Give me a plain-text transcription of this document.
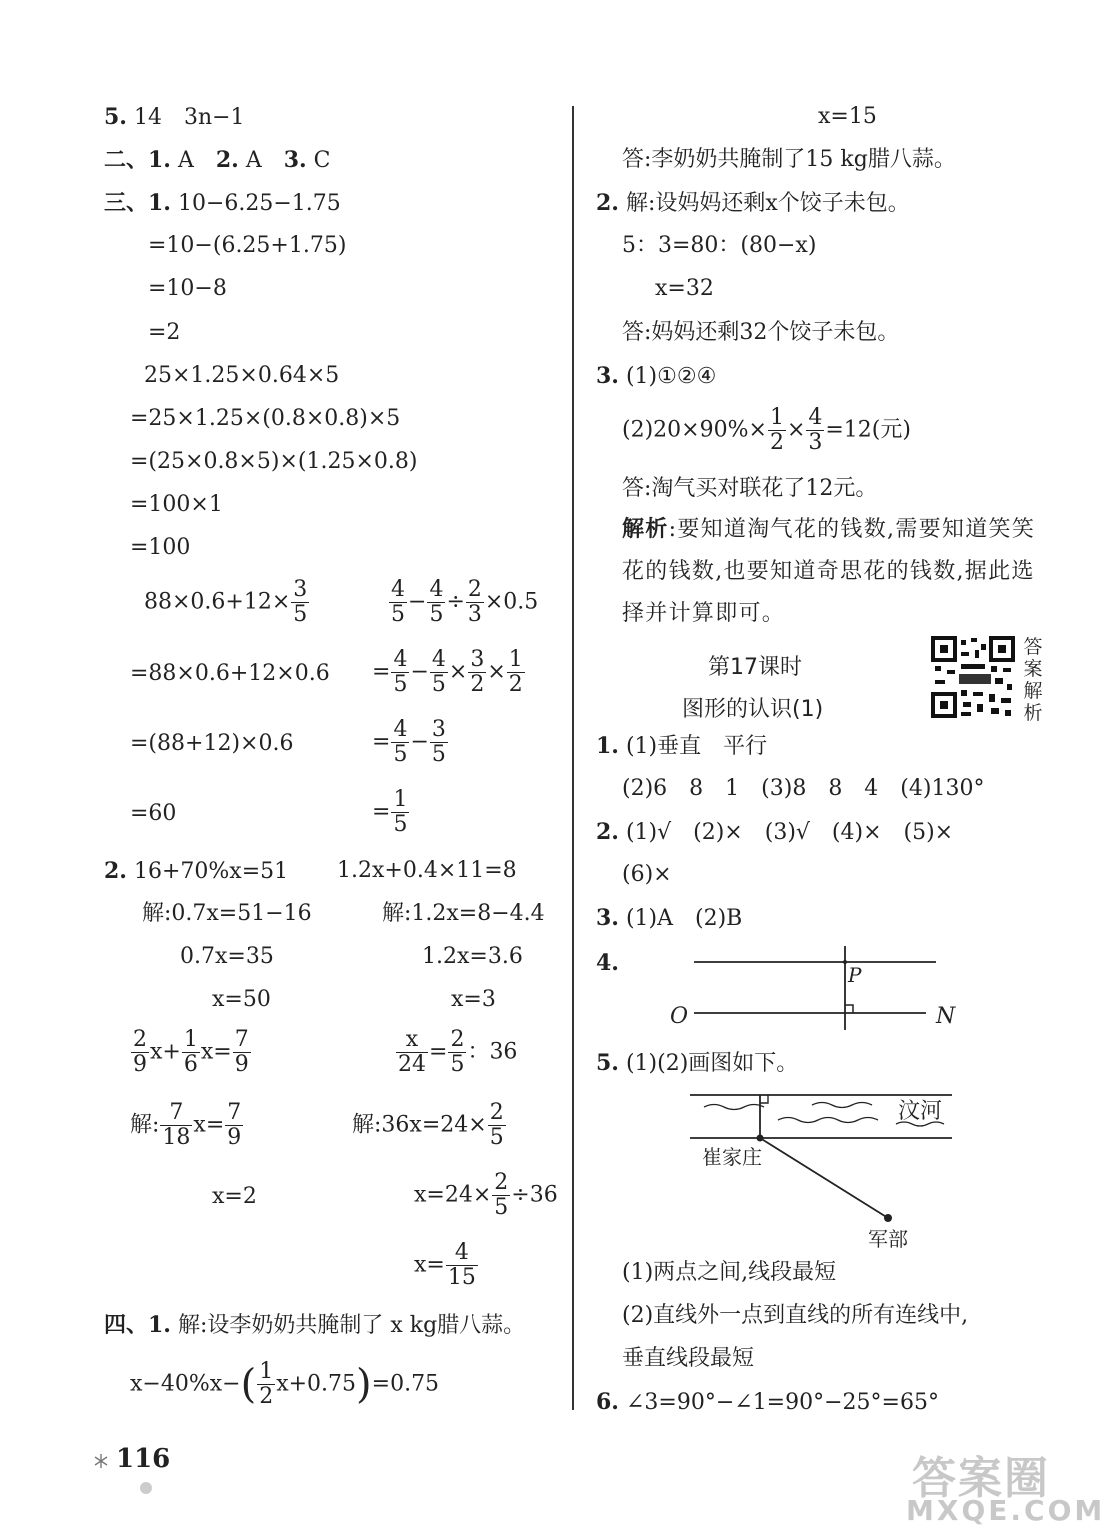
5. 14　3n−1
二、1. A　2. A　3. C
三、1. 10−6.25−1.75
=10−(6.25+1.75)
=10−8
=2
25×1.25×0.64×5
=25×1.25×(0.8×0.8)×5
=(25×0.8×5)×(1.25×0.8)
=100×1
=100
$88\times 0.6+12\times \frac{3}{5}$
=88×0.6+12×0.6
=(88+12)×0.6
=60
$\frac{4}{5} - \frac{4}{5} \div \frac{2}{3} \times 0.5$
= $\frac{4}{5} - \frac{4}{5} \times \frac{3}{2} \times \frac{1}{2}$
= $\frac{4}{5} - \frac{3}{5}$
= $\frac{1}{5}$
2. 16+70%x=51
解:0.7x=51−16
0.7x=35
x=50
1.2x+0.4×11=8
解:1.2x=8−4.4
1.2x=3.6
x=3
$\frac{2}{9} x+ \frac{1}{6} x= \frac{7}{9}$
解: $\frac{7}{18} x= \frac{7}{9}$
x=2
$\frac{x}{24} = \frac{2}{5}$ ：36
解:36x=24× $\frac{2}{5}$
$x=24\times \frac{2}{5} \div 36$
$x= \frac{4}{15}$
四、1. 解:设李奶奶共腌制了 x kg腊八蒜。
$x-40\%x-( \frac{1}{2} x+0.75)=0.75$
x=15
答:李奶奶共腌制了15 kg腊八蒜。
2. 解:设妈妈还剩x个饺子未包。
5：3=80：(80−x)
x=32
答:妈妈还剩32个饺子未包。
3. (1)①②④
$(2)20\times 90\%\times \frac{1}{2} \times \frac{4}{3} =12$(元)
答:淘气买对联花了12元。
解析:要知道淘气花的钱数,需要知道笑笑花的钱数,也要知道奇思花的钱数,据此选择并计算即可。
第17课时
图形的认识(1)
答
案
解
析
1. (1)垂直　平行
(2)6　8　1　(3)8　8　4　(4)130°
2. (1)√　(2)×　(3)√　(4)×　(5)×
(6)×
3. (1)A　(2)B
4.
O	N
P
5. (1)(2)画图如下。
汶河
崔家庄
军部
(1)两点之间,线段最短
(2)直线外一点到直线的所有连线中,
垂直线段最短
6. ∠3=90°−∠1=90°−25°=65°
116	答案圈
MXQE.COM
